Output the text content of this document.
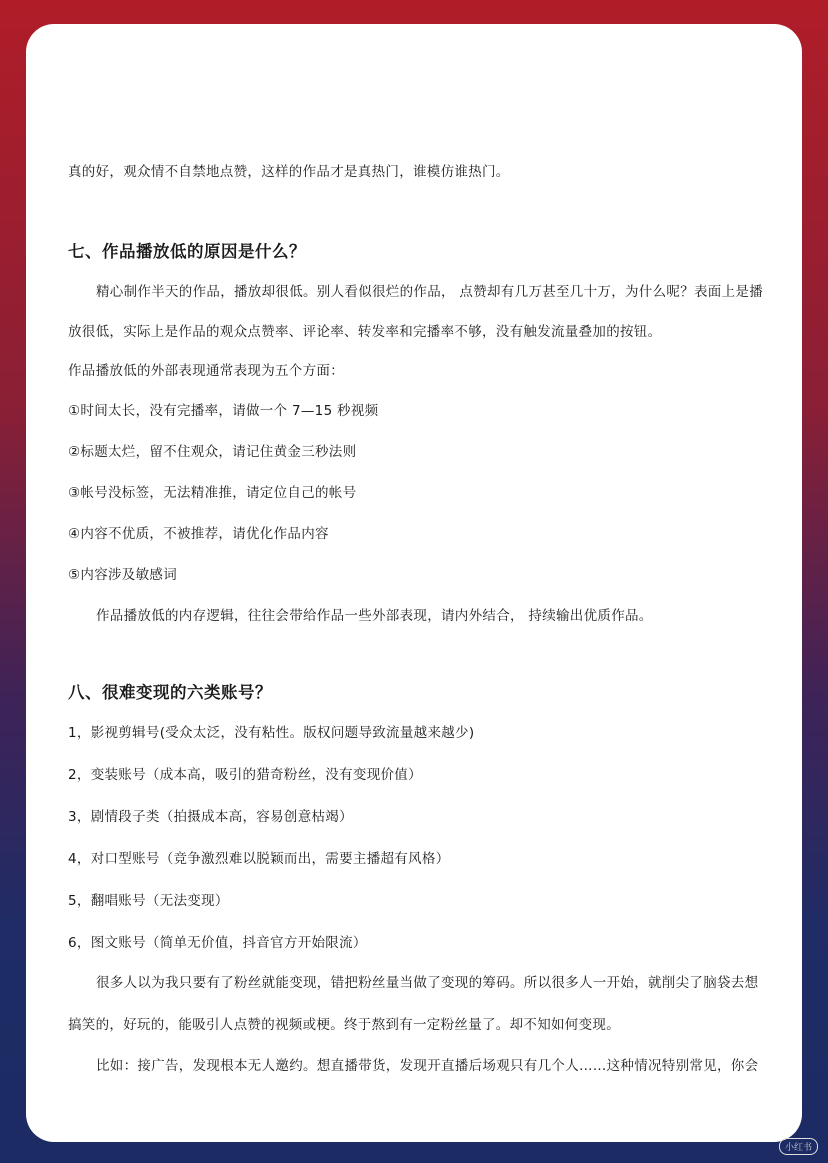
真的好，观众情不自禁地点赞，这样的作品才是真热门，谁模仿谁热门。

七、作品播放低的原因是什么？

精心制作半天的作品，播放却很低。别人看似很烂的作品， 点赞却有几万甚至几十万，为什么呢？表面上是播

放很低，实际上是作品的观众点赞率、评论率、转发率和完播率不够，没有触发流量叠加的按钮。

作品播放低的外部表现通常表现为五个方面：

①时间太长，没有完播率，请做一个 7—15 秒视频

②标题太烂，留不住观众，请记住黄金三秒法则

③帐号没标签，无法精准推，请定位自己的帐号

④内容不优质，不被推荐，请优化作品内容

⑤内容涉及敏感词

作品播放低的内存逻辑，往往会带给作品一些外部表现，请内外结合， 持续输出优质作品。

八、很难变现的六类账号？

1，影视剪辑号(受众太泛，没有粘性。版权问题导致流量越来越少)

2，变装账号（成本高，吸引的猎奇粉丝，没有变现价值）

3，剧情段子类（拍摄成本高，容易创意枯竭）

4，对口型账号（竞争激烈难以脱颖而出，需要主播超有风格）

5，翻唱账号（无法变现）

6，图文账号（简单无价值，抖音官方开始限流）

很多人以为我只要有了粉丝就能变现，错把粉丝量当做了变现的筹码。所以很多人一开始，就削尖了脑袋去想

搞笑的，好玩的，能吸引人点赞的视频或梗。终于熬到有一定粉丝量了。却不知如何变现。

比如：接广告，发现根本无人邀约。想直播带货，发现开直播后场观只有几个人……这种情况特别常见，你会

小红书
